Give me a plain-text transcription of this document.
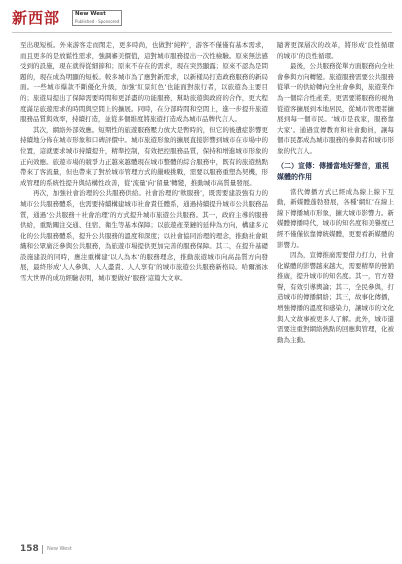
新西部	New West
Published · Sponsored

至出現短板。外來游客走而閑走，更多時尚，也做對‘純粹’，游客不僅僅有基本需求，而且更多的是放鬆性需求，強調審美價值，這對城市服務提出一次性檢驗。原來無法感受到的設施，現在就得從細節和；原來不存在的需求，現在突然顯露；原來不認為是問題的，現在成為明顯的短板。較多城市為了應對新需求，以新樣局打造政務服務的新局面。一些城市爆款不斷優化升級，加強‘紅景紅色’也能面對旅行者，以旅遊為主要目的；旅遊局提出了保障需要時間和更詳盡的功能服務，幫助旅遊與政府的合作，更大程度滿足旅遊需求的時間與空間上的擴展。同時，在分部時間和空間上，進一步提升旅遊服務品質與效率，持續打造，並從多個維度將旅遊打造成為城市品牌代言人。

其次，網絡外部效應。短期性的旅遊服務壓力放大是暫時的，但它的後遺症影響更持續地分佈在城市形象和口碑評價中。城市旅遊形象的擴展直接影響到城市在市場中的位置，這就要求城市持續提升，精準控制，有效把控服務品質，保持和增進城市形象的正向效應。旅遊市場的競爭力正越來越體現在城市整體的綜合服務中，既有的旅遊熱點帶來了客流量，但也帶來了對於城市管理方式的嚴峻挑戰，需要以服務重塑為契機，形成管理的系統性提升與結構性改善，從‘流量’向‘留量’轉變，推動城市高質量發展。

再次，加強社會治理的公共服務供給。社會治理的‘軟服務’，既需要建設強有力的城市公共服務體系，也需要持續構建城市社會責任體系，通過持續提升城市公共服務品質，通過‘公共服務＋社會治理’的方式提升城市旅遊公共服務。其一，政府主導的服務供給，重點關注交通、住宿、衛生等基本保障；以旅遊產業鏈的延伸為方向，構建多元化的公共服務體系，提升公共服務的溫度和深度；以社會協同治理的理念，推動社會組織和公眾廣泛參與公共服務，為旅遊市場提供更加完善的服務保障。其二，在提升基礎設施建設的同時，應注重構建‘以人為本’的服務理念，推動旅遊城市向高品質方向發展，最終形成‘人人參與、人人盡責、人人享有’的城市旅遊公共服務新格局。哈爾濱冰雪大世界的成功經驗表明，城市要做好‘服務’這篇大文章。

隨著更深層次的改革，將形成‘良性循環的城市’的良性循環。

最後，公共服務從單方面服務向全社會參與方向轉變。旅遊服務需要公共服務從單一的供給轉向全社會參與，旅遊業作為一個綜合性產業，更需要將服務的視角從遊客擴展到本地居民，從城市管理者擴展到每一個市民。‘城市是我家，服務靠大家’。通過宣傳教育和社會動員，讓每個市民都成為城市服務的參與者和城市形象的代言人。

（二）宣傳：傳播當地好聲音，重視媒體的作用

當代傳播方式已經成為線上線下互動，新媒體蓬勃發展，各種‘網紅’在線上線下傳播城市形象，擴大城市影響力。新媒體傳播時代，城市的知名度和美譽度已經不僅僅依靠傳統媒體，更要看新媒體的影響力。

因為，宣傳推廣需要借力打力，社會化媒體的影響越來越大，需要精準的營銷推廣，提升城市的知名度。其一，官方發聲，有效引導輿論；其二，全民參與，打造城市的傳播網絡；其三，故事化傳播，增強傳播的溫度和感染力，讓城市的文化與人文故事被更多人了解。此外，城市還需要注重對網絡熱點的回應與管理，化被動為主動。

158 New West
